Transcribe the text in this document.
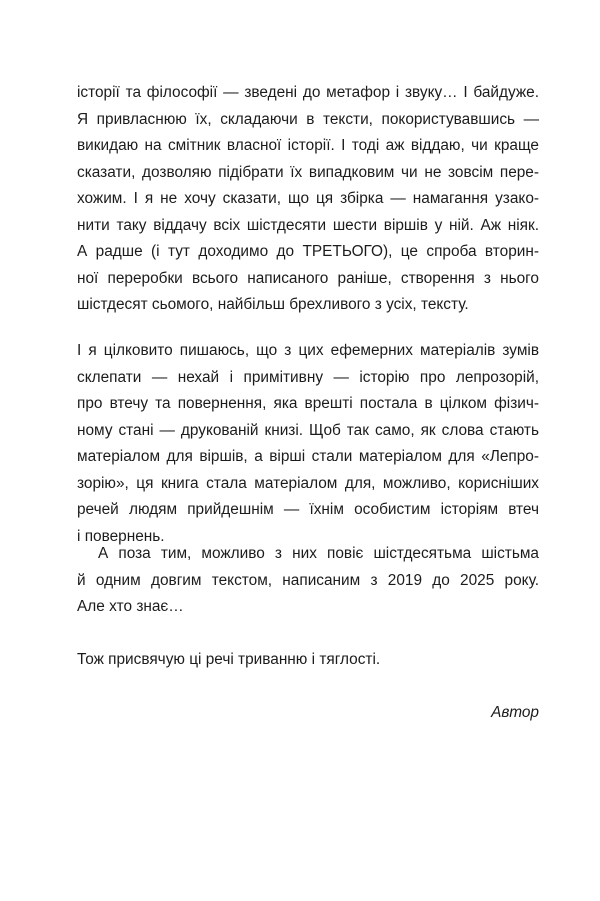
історії та філософії — зведені до метафор і звуку… І байдуже.
Я привласнюю їх, складаючи в тексти, покористувавшись —
викидаю на смітник власної історії. І тоді аж віддаю, чи краще
сказати, дозволяю підібрати їх випадковим чи не зовсім пере-
хожим. І я не хочу сказати, що ця збірка — намагання узако-
нити таку віддачу всіх шістдесяти шести віршів у ній. Аж ніяк.
А радше (і тут доходимо до ТРЕТЬОГО), це спроба вторин-
ної переробки всього написаного раніше, створення з нього
шістдесят сьомого, найбільш брехливого з усіх, тексту.
І я цілковито пишаюсь, що з цих ефемерних матеріалів зумів
склепати — нехай і примітивну — історію про лепрозорій,
про втечу та повернення, яка врешті постала в цілком фізич-
ному стані — друкованій книзі. Щоб так само, як слова стають
матеріалом для віршів, а вірші стали матеріалом для «Лепро-
зорію», ця книга стала матеріалом для, можливо, корисніших
речей людям прийдешнім — їхнім особистим історіям втеч
і повернень.
А поза тим, можливо з них повіє шістдесятьма шістьма
й одним довгим текстом, написаним з 2019 до 2025 року.
Але хто знає…
Тож присвячую ці речі триванню і тяглості.
Автор
